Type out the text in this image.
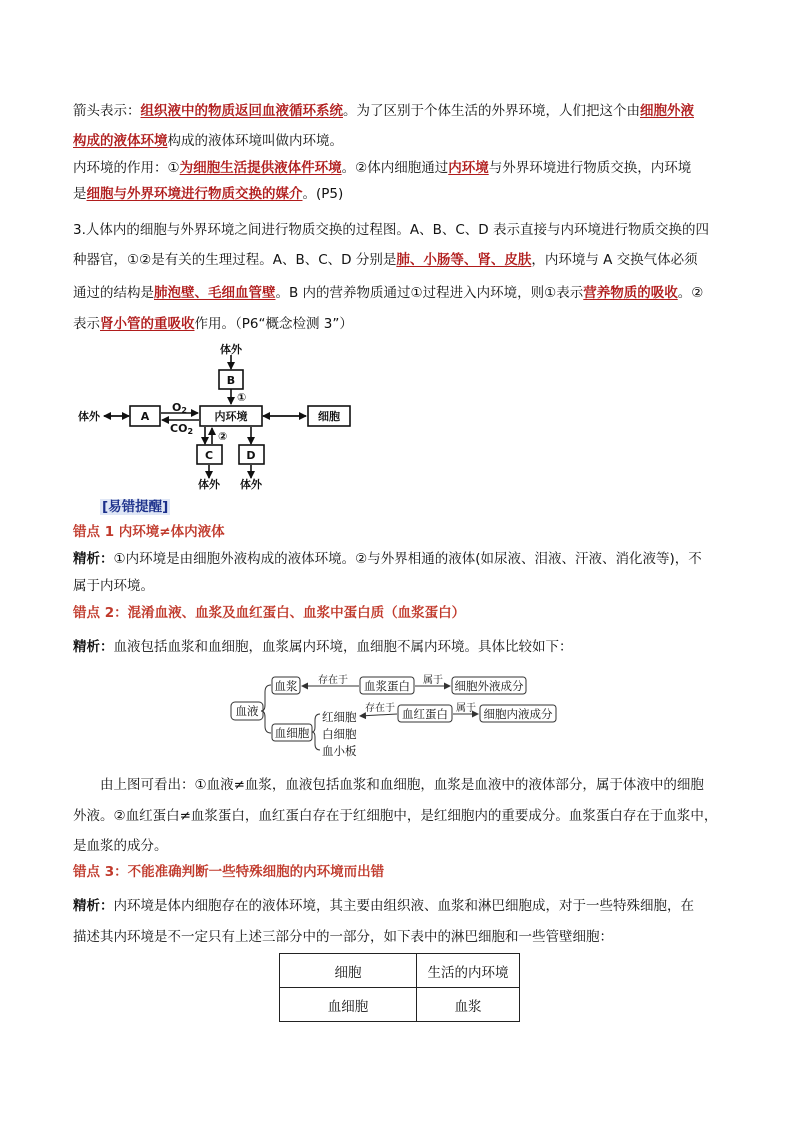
箭头表示：组织液中的物质返回血液循环系统。为了区别于个体生活的外界环境，人们把这个由细胞外液
构成的液体环境构成的液体环境叫做内环境。
内环境的作用：①为细胞生活提供液体件环境。②体内细胞通过内环境与外界环境进行物质交换，内环境
是细胞与外界环境进行物质交换的媒介。(P5)
3.人体内的细胞与外界环境之间进行物质交换的过程图。A、B、C、D 表示直接与内环境进行物质交换的四
种器官，①②是有关的生理过程。A、B、C、D 分别是肺、小肠等、肾、皮肤，内环境与 A 交换气体必须
通过的结构是肺泡壁、毛细血管壁。B 内的营养物质通过①过程进入内环境，则①表示营养物质的吸收。②
表示肾小管的重吸收作用。（P6“概念检测 3”）
体外
B
①
体外	A
O2
CO2
内环境	细胞
②
C	D
体外 体外
[易错提醒]
错点 1 内环境≠体内液体
精析：①内环境是由细胞外液构成的液体环境。②与外界相通的液体(如尿液、泪液、汗液、消化液等)，不
属于内环境。
错点 2：混淆血液、血浆及血红蛋白、血浆中蛋白质（血浆蛋白）
精析：血液包括血浆和血细胞，血浆属内环境，血细胞不属内环境。具体比较如下：
血液
血浆 存在于 血浆蛋白 属于 细胞外液成分
血细胞
红细胞
白细胞
血小板
存在于 血红蛋白 属于 细胞内液成分
由上图可看出：①血液≠血浆，血液包括血浆和血细胞，血浆是血液中的液体部分，属于体液中的细胞
外液。②血红蛋白≠血浆蛋白，血红蛋白存在于红细胞中，是红细胞内的重要成分。血浆蛋白存在于血浆中，
是血浆的成分。
错点 3：不能准确判断一些特殊细胞的内环境而出错
精析：内环境是体内细胞存在的液体环境，其主要由组织液、血浆和淋巴细胞成，对于一些特殊细胞，在
描述其内环境是不一定只有上述三部分中的一部分，如下表中的淋巴细胞和一些管壁细胞：
细胞	生活的内环境
血细胞	血浆
